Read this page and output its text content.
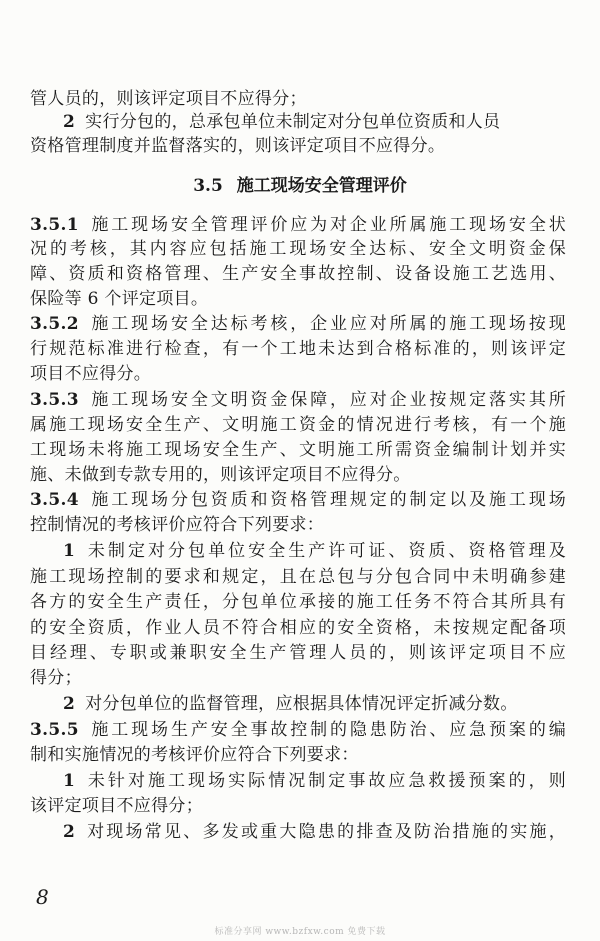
管人员的，则该评定项目不应得分；
2 实行分包的，总承包单位未制定对分包单位资质和人员
资格管理制度并监督落实的，则该评定项目不应得分。
3.5 施工现场安全管理评价
3.5.1 施工现场安全管理评价应为对企业所属施工现场安全状
况的考核，其内容应包括施工现场安全达标、安全文明资金保
障、资质和资格管理、生产安全事故控制、设备设施工艺选用、
保险等 6 个评定项目。
3.5.2 施工现场安全达标考核，企业应对所属的施工现场按现
行规范标准进行检查，有一个工地未达到合格标准的，则该评定
项目不应得分。
3.5.3 施工现场安全文明资金保障，应对企业按规定落实其所
属施工现场安全生产、文明施工资金的情况进行考核，有一个施
工现场未将施工现场安全生产、文明施工所需资金编制计划并实
施、未做到专款专用的，则该评定项目不应得分。
3.5.4 施工现场分包资质和资格管理规定的制定以及施工现场
控制情况的考核评价应符合下列要求：
1 未制定对分包单位安全生产许可证、资质、资格管理及
施工现场控制的要求和规定，且在总包与分包合同中未明确参建
各方的安全生产责任，分包单位承接的施工任务不符合其所具有
的安全资质，作业人员不符合相应的安全资格，未按规定配备项
目经理、专职或兼职安全生产管理人员的，则该评定项目不应
得分；
2 对分包单位的监督管理，应根据具体情况评定折减分数。
3.5.5 施工现场生产安全事故控制的隐患防治、应急预案的编
制和实施情况的考核评价应符合下列要求：
1 未针对施工现场实际情况制定事故应急救援预案的，则
该评定项目不应得分；
2 对现场常见、多发或重大隐患的排查及防治措施的实施，
8
标准分享网 www.bzfxw.com 免费下载
